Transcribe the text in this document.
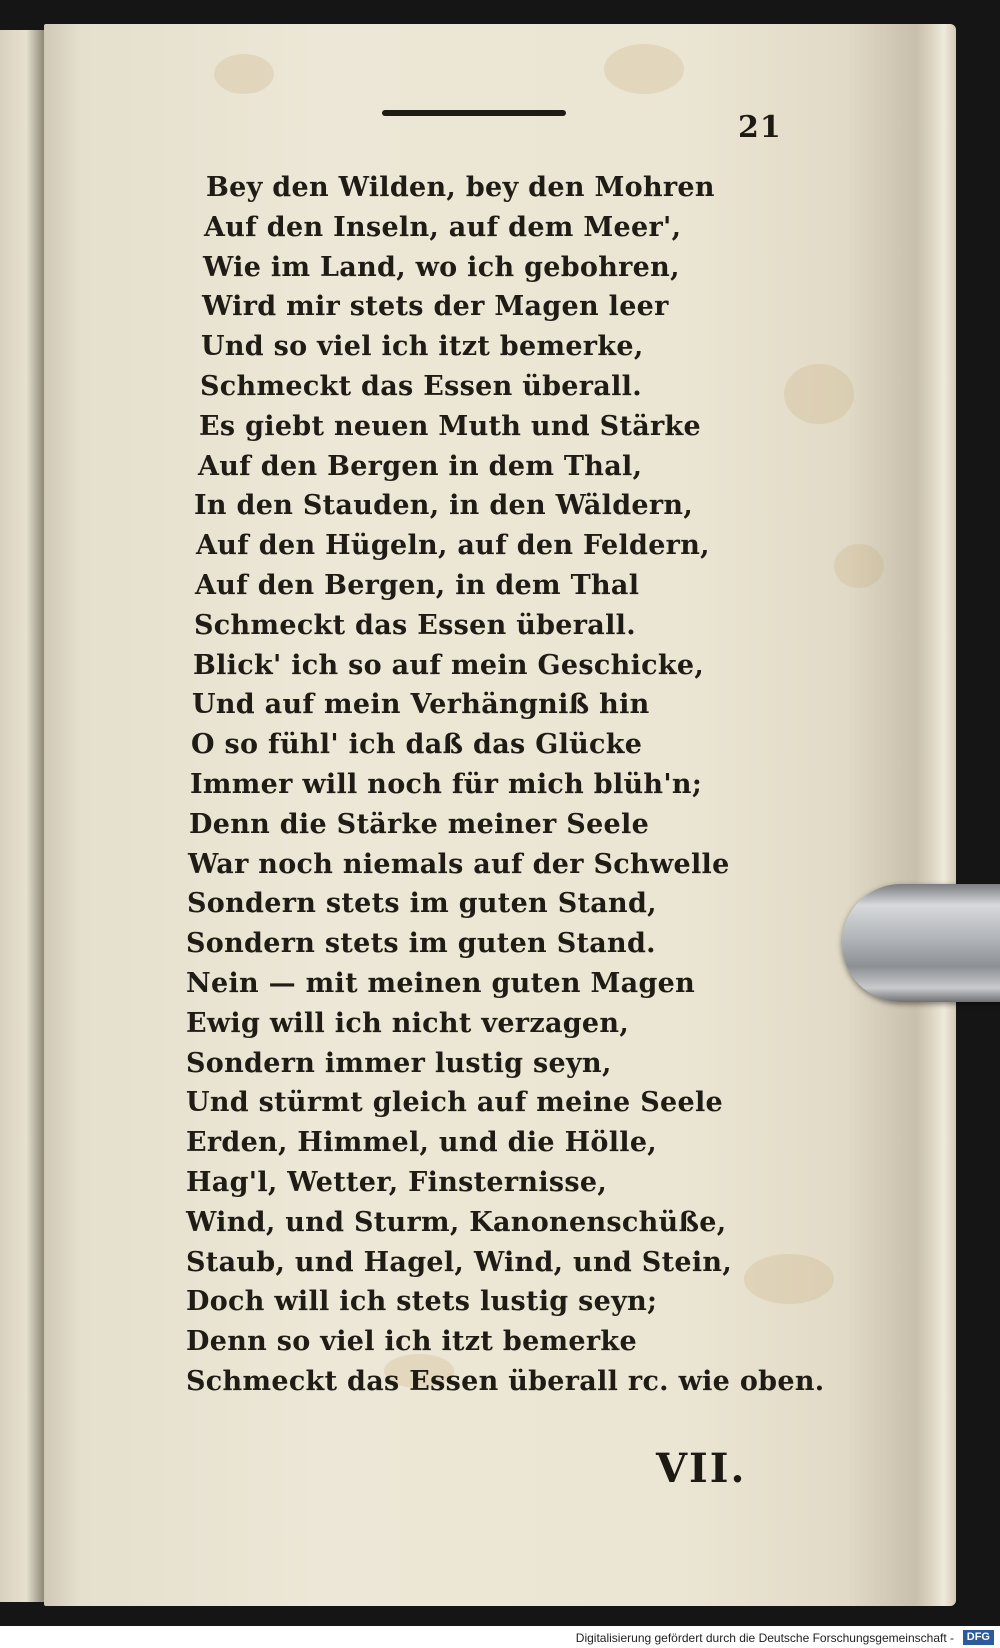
21
Bey den Wilden, bey den Mohren
Auf den Inseln, auf dem Meer',
Wie im Land, wo ich gebohren,
Wird mir stets der Magen leer
Und so viel ich itzt bemerke,
Schmeckt das Essen überall.
Es giebt neuen Muth und Stärke
Auf den Bergen in dem Thal,
In den Stauden, in den Wäldern,
Auf den Hügeln, auf den Feldern,
Auf den Bergen, in dem Thal
Schmeckt das Essen überall.
Blick' ich so auf mein Geschicke,
Und auf mein Verhängniß hin
O so fühl' ich daß das Glücke
Immer will noch für mich blüh'n;
Denn die Stärke meiner Seele
War noch niemals auf der Schwelle
Sondern stets im guten Stand,
Sondern stets im guten Stand.
Nein — mit meinen guten Magen
Ewig will ich nicht verzagen,
Sondern immer lustig seyn,
Und stürmt gleich auf meine Seele
Erden, Himmel, und die Hölle,
Hag'l, Wetter, Finsternisse,
Wind, und Sturm, Kanonenschüße,
Staub, und Hagel, Wind, und Stein,
Doch will ich stets lustig seyn;
Denn so viel ich itzt bemerke
Schmeckt das Essen überall rc. wie oben.
VII.
Digitalisierung gefördert durch die Deutsche Forschungsgemeinschaft -	DFG
